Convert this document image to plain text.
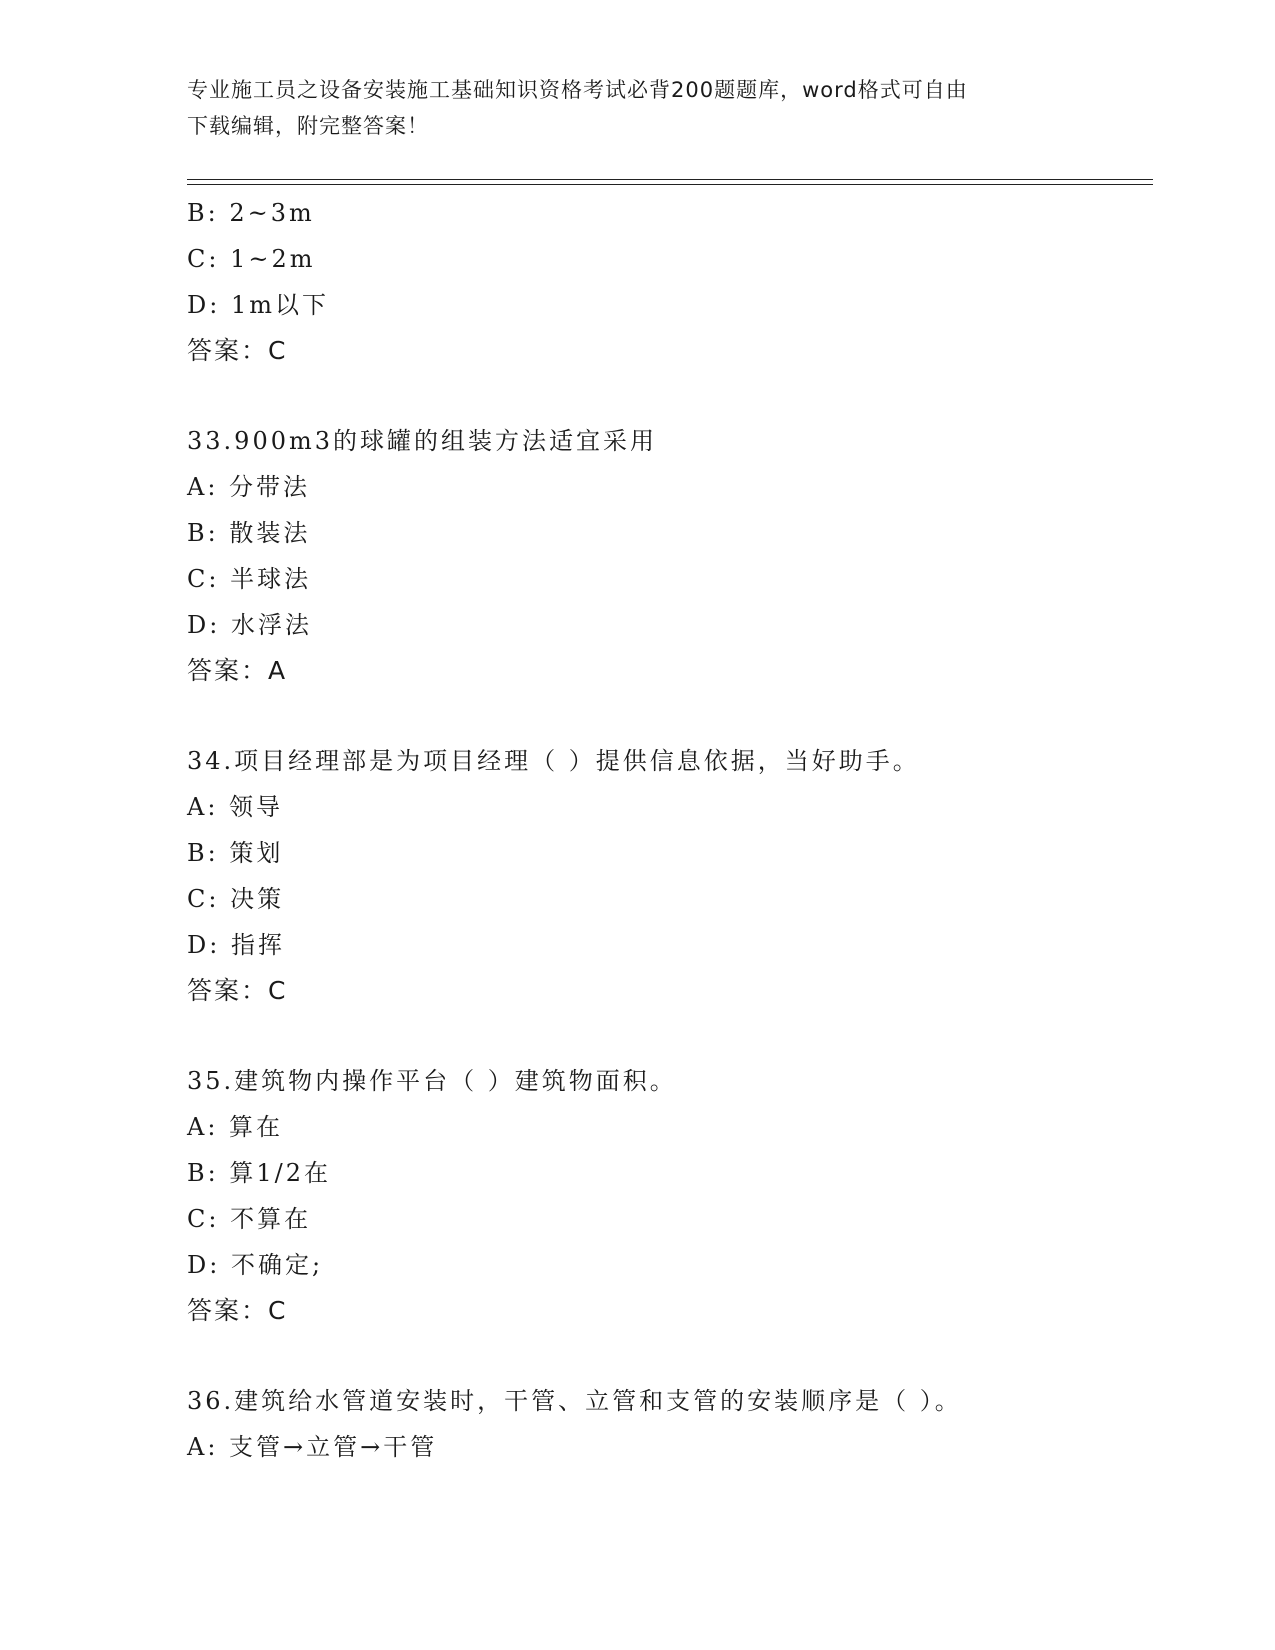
专业施工员之设备安装施工基础知识资格考试必背200题题库，word格式可自由
下载编辑，附完整答案！
B: 2~3m
C: 1~2m
D: 1m以下
答案：C
33.900m3的球罐的组装方法适宜采用
A: 分带法
B: 散装法
C: 半球法
D: 水浮法
答案：A
34.项目经理部是为项目经理（ ）提供信息依据，当好助手。
A: 领导
B: 策划
C: 决策
D: 指挥
答案：C
35.建筑物内操作平台（ ）建筑物面积。
A: 算在
B: 算1/2在
C: 不算在
D: 不确定;
答案：C
36.建筑给水管道安装时，干管、立管和支管的安装顺序是（ ）。
A: 支管→立管→干管
